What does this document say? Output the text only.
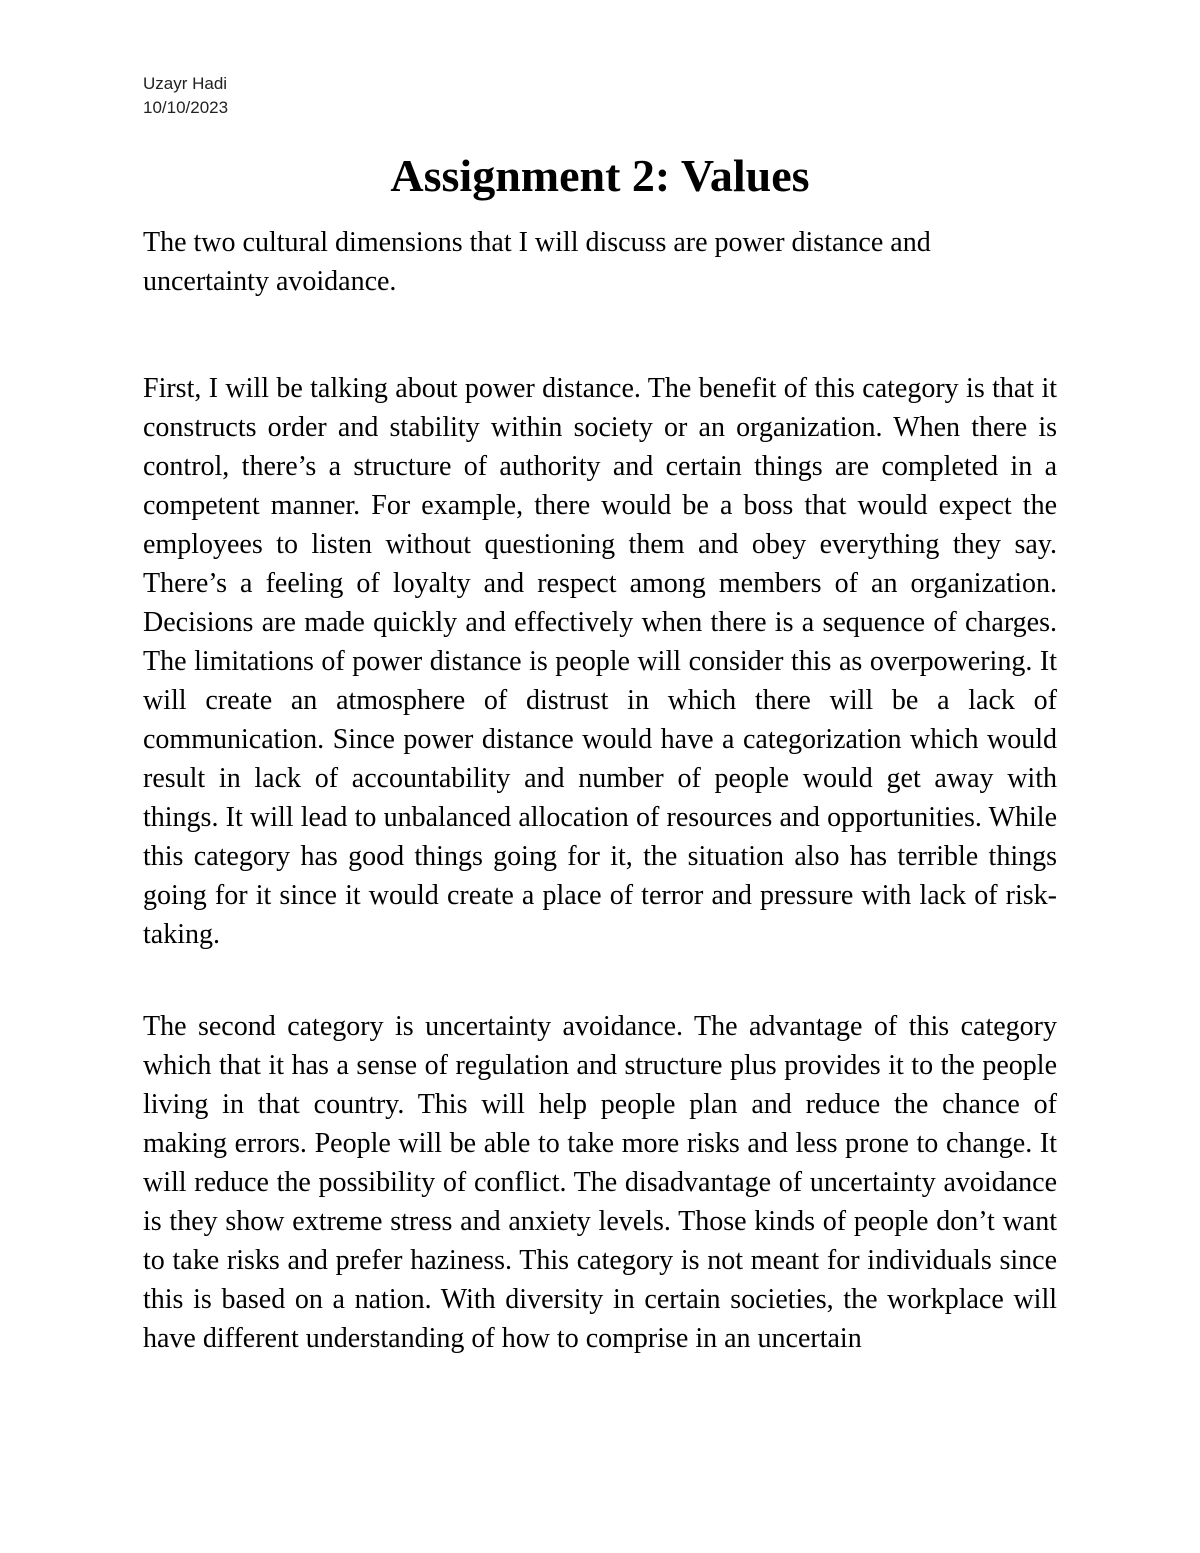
Uzayr Hadi
10/10/2023
Assignment 2: Values

The two cultural dimensions that I will discuss are power distance and uncertainty avoidance.

First, I will be talking about power distance. The benefit of this category is that it constructs order and stability within society or an organization. When there is control, there’s a structure of authority and certain things are completed in a competent manner. For example, there would be a boss that would expect the employees to listen without questioning them and obey everything they say. There’s a feeling of loyalty and respect among members of an organization. Decisions are made quickly and effectively when there is a sequence of charges. The limitations of power distance is people will consider this as overpowering. It will create an atmosphere of distrust in which there will be a lack of communication. Since power distance would have a categorization which would result in lack of accountability and number of people would get away with things. It will lead to unbalanced allocation of resources and opportunities. While this category has good things going for it, the situation also has terrible things going for it since it would create a place of terror and pressure with lack of risk-taking.

The second category is uncertainty avoidance. The advantage of this category which that it has a sense of regulation and structure plus provides it to the people living in that country. This will help people plan and reduce the chance of making errors. People will be able to take more risks and less prone to change. It will reduce the possibility of conflict. The disadvantage of uncertainty avoidance is they show extreme stress and anxiety levels. Those kinds of people don’t want to take risks and prefer haziness. This category is not meant for individuals since this is based on a nation. With diversity in certain societies, the workplace will have different understanding of how to comprise in an uncertain
